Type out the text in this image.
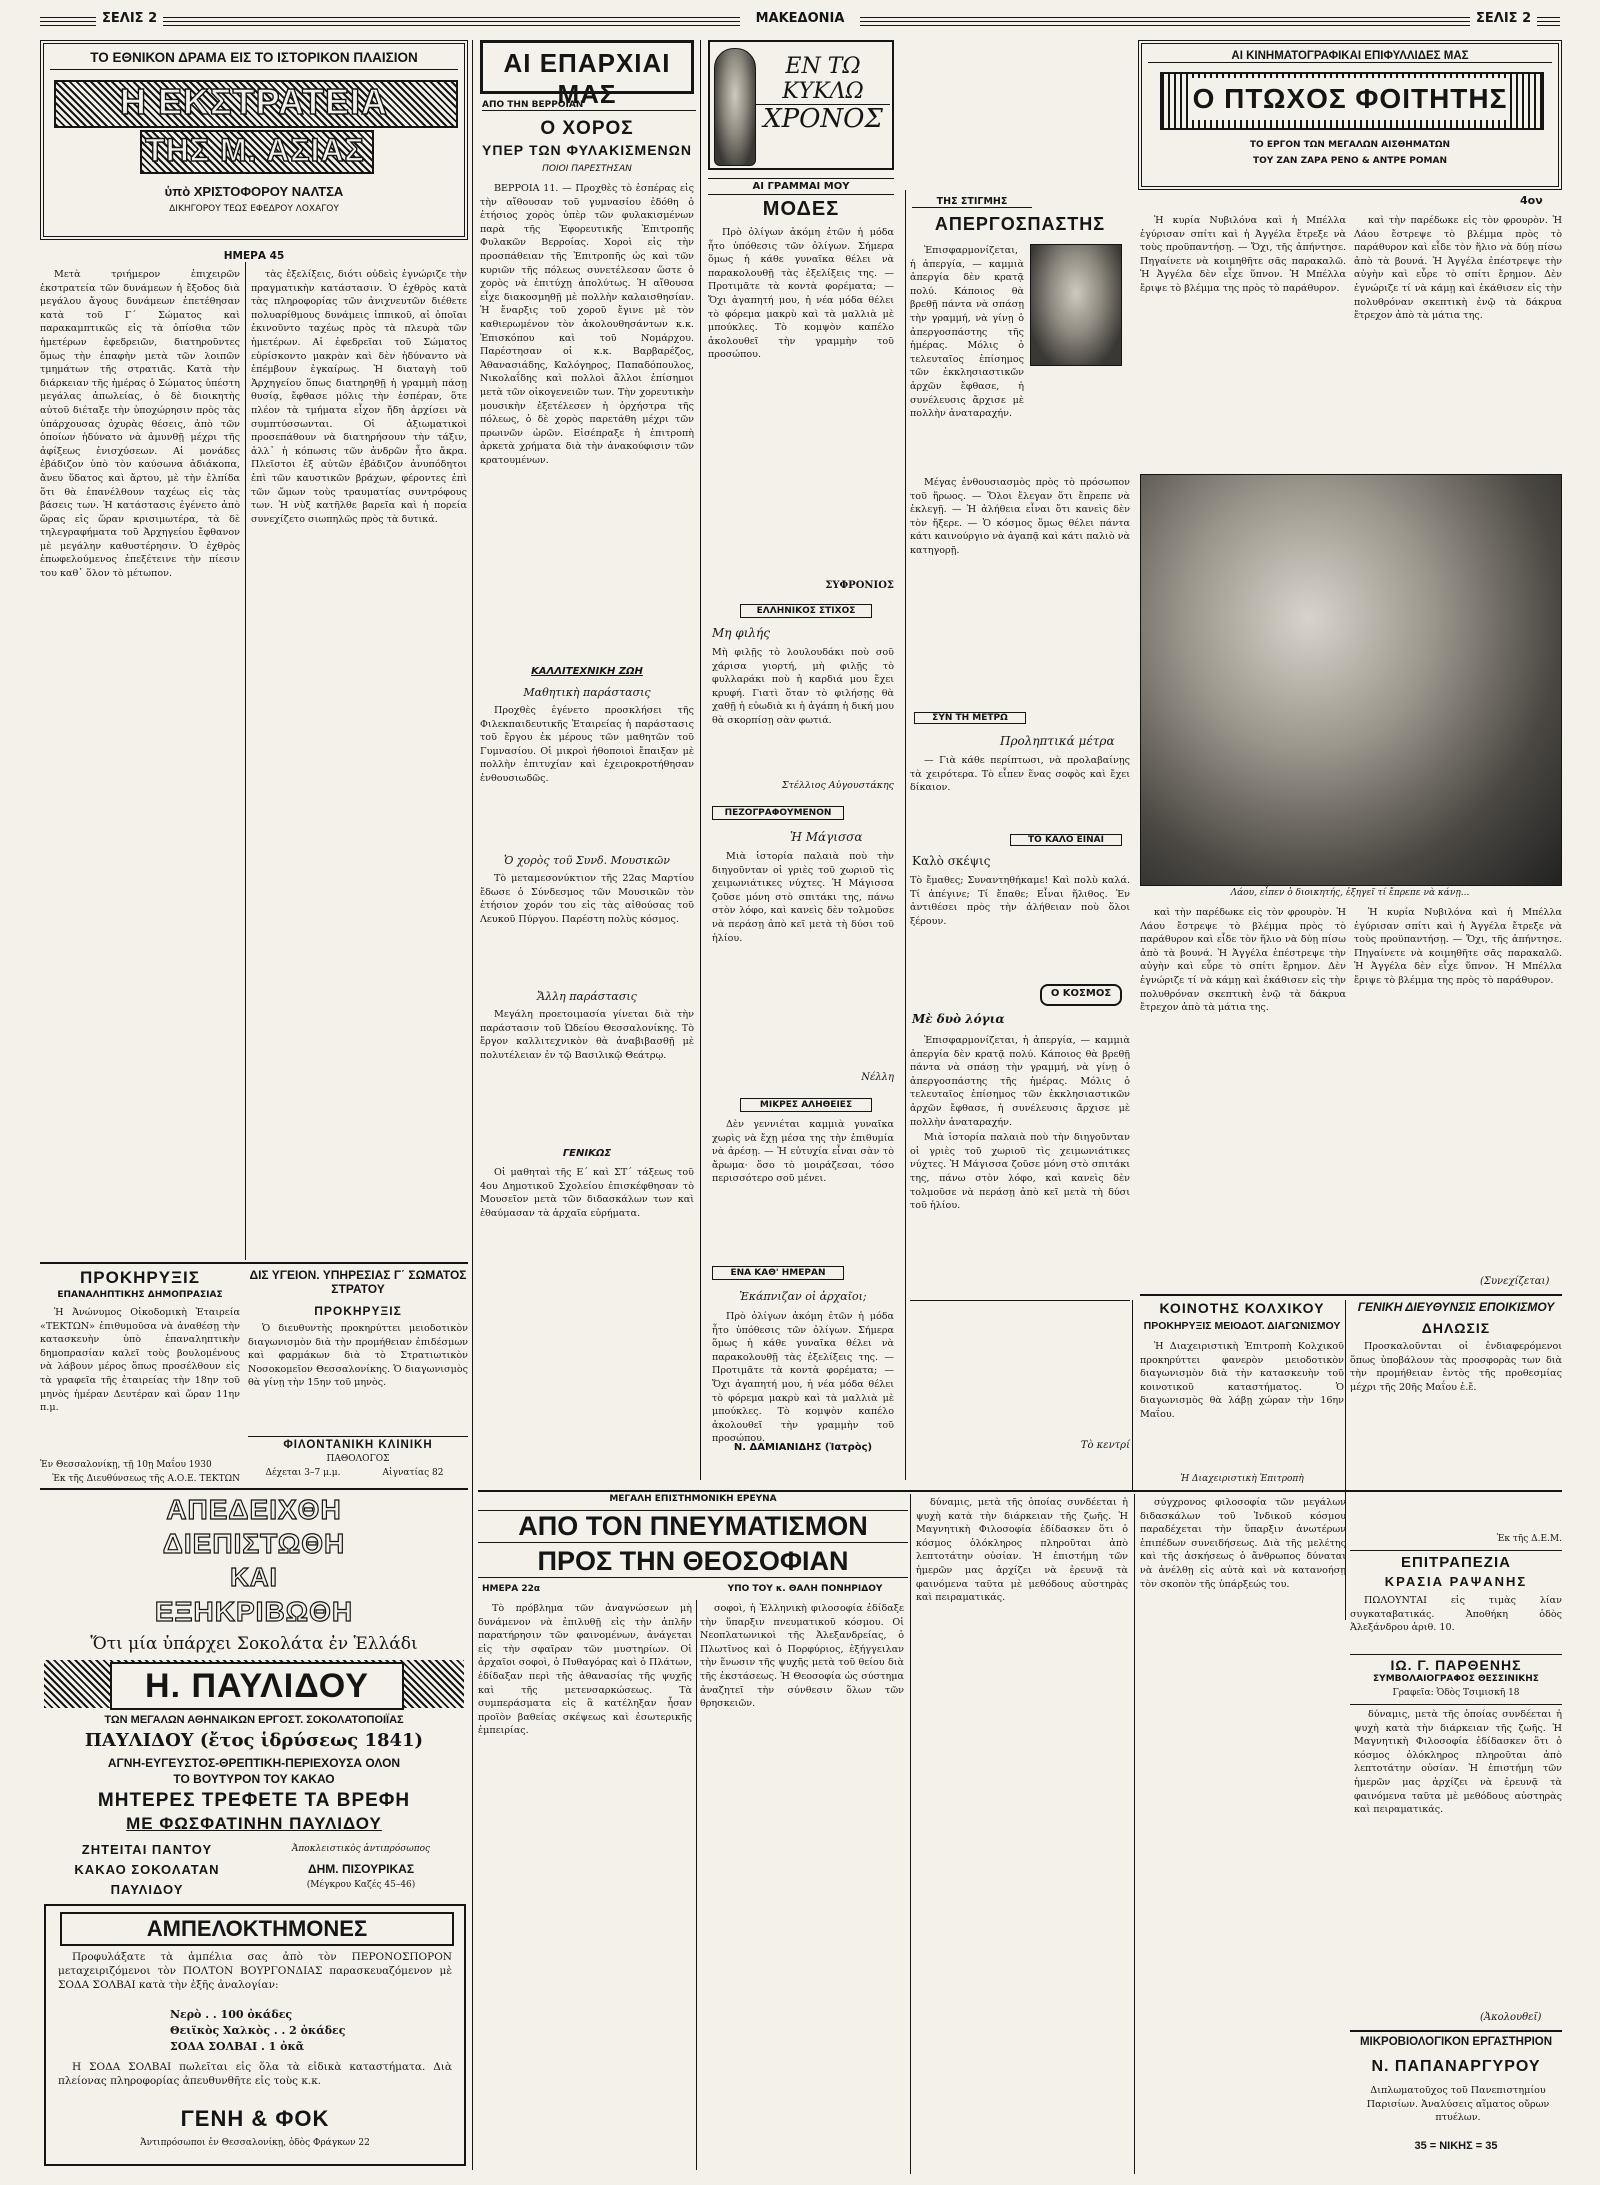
ΣΕΛΙΣ 2	ΜΑΚΕΔΟΝΙΑ	ΣΕΛΙΣ 2
ΤΟ ΕΘΝΙΚΟΝ ΔΡΑΜΑ ΕΙΣ ΤΟ ΙΣΤΟΡΙΚΟΝ ΠΛΑΙΣΙΟΝ
Η ΕΚΣΤΡΑΤΕΙΑ
ΤΗΣ Μ. ΑΣΙΑΣ
ὑπὸ ΧΡΙΣΤΟΦΟΡΟΥ ΝΑΛΤΣΑ
ΔΙΚΗΓΟΡΟΥ ΤΕΩΣ ΕΦΕΔΡΟΥ ΛΟΧΑΓΟΥ
ΗΜΕΡΑ 45

Μετὰ τριήμερον ἐπιχειρῶν ἐκστρατεία τῶν δυνάμεων ἡ ἔξοδος διὰ μεγάλου ἄγους δυνάμεων ἐπετέθησαν κατὰ τοῦ Γ΄ Σώματος καὶ παρακαμπτικῶς εἰς τὰ ὀπίσθια τῶν ἡμετέρων ἐφεδρειῶν, διατηροῦντες ὅμως τὴν ἐπαφὴν μετὰ τῶν λοιπῶν τμημάτων τῆς στρατιᾶς. Κατὰ τὴν διάρκειαν τῆς ἡμέρας ὁ Σώματος ὑπέστη μεγάλας ἀπωλείας, ὁ δὲ διοικητὴς αὐτοῦ διέταξε τὴν ὑποχώρησιν πρὸς τὰς ὑπάρχουσας ὀχυρὰς θέσεις, ἀπὸ τῶν ὁποίων ἠδύνατο νὰ ἀμυνθῇ μέχρι τῆς ἀφίξεως ἐνισχύσεων. Αἱ μονάδες ἐβάδιζον ὑπὸ τὸν καύσωνα ἀδιάκοπα, ἄνευ ὕδατος καὶ ἄρτου, μὲ τὴν ἐλπίδα ὅτι θὰ ἐπανέλθουν ταχέως εἰς τὰς βάσεις των. Ἡ κατάστασις ἐγένετο ἀπὸ ὥρας εἰς ὥραν κρισιμωτέρα, τὰ δὲ τηλεγραφήματα τοῦ Ἀρχηγείου ἔφθανον μὲ μεγάλην καθυστέρησιν. Ὁ ἐχθρὸς ἐπωφελούμενος ἐπεξέτεινε τὴν πίεσιν του καθ᾿ ὅλον τὸ μέτωπον.

τὰς ἐξελίξεις, διότι οὐδεὶς ἐγνώριζε τὴν πραγματικὴν κατάστασιν. Ὁ ἐχθρὸς κατὰ τὰς πληροφορίας τῶν ἀνιχνευτῶν διέθετε πολυαρίθμους δυνάμεις ἱππικοῦ, αἱ ὁποῖαι ἐκινοῦντο ταχέως πρὸς τὰ πλευρὰ τῶν ἡμετέρων. Αἱ ἐφεδρεῖαι τοῦ Σώματος εὑρίσκοντο μακρὰν καὶ δὲν ἠδύναντο νὰ ἐπέμβουν ἐγκαίρως. Ἡ διαταγὴ τοῦ Ἀρχηγείου ὅπως διατηρηθῇ ἡ γραμμὴ πάσῃ θυσίᾳ, ἔφθασε μόλις τὴν ἑσπέραν, ὅτε πλέον τὰ τμήματα εἶχον ἤδη ἀρχίσει νὰ συμπτύσσωνται. Οἱ ἀξιωματικοὶ προσεπάθουν νὰ διατηρήσουν τὴν τάξιν, ἀλλ᾿ ἡ κόπωσις τῶν ἀνδρῶν ἦτο ἄκρα. Πλεῖστοι ἐξ αὐτῶν ἐβάδιζον ἀνυπόδητοι ἐπὶ τῶν καυστικῶν βράχων, φέροντες ἐπὶ τῶν ὤμων τοὺς τραυματίας συντρόφους των. Ἡ νὺξ κατῆλθε βαρεῖα καὶ ἡ πορεία συνεχίζετο σιωπηλῶς πρὸς τὰ δυτικά.

ΑΙ ΕΠΑΡΧΙΑΙ ΜΑΣ
ΑΠΟ ΤΗΝ ΒΕΡΡΟΙΑΝ
Ο ΧΟΡΟΣ
ΥΠΕΡ ΤΩΝ ΦΥΛΑΚΙΣΜΕΝΩΝ
ΠΟΙΟΙ ΠΑΡΕΣΤΗΣΑΝ

ΒΕΡΡΟΙΑ 11. — Προχθὲς τὸ ἑσπέρας εἰς τὴν αἴθουσαν τοῦ γυμνασίου ἐδόθη ὁ ἐτήσιος χορὸς ὑπὲρ τῶν φυλακισμένων παρὰ τῆς Ἐφορευτικῆς Ἐπιτροπῆς Φυλακῶν Βερροίας. Χοροὶ εἰς τὴν προσπάθειαν τῆς Ἐπιτροπῆς ὡς καὶ τῶν κυριῶν τῆς πόλεως συνετέλεσαν ὥστε ὁ χορὸς νὰ ἐπιτύχῃ ἀπολύτως. Ἡ αἴθουσα εἶχε διακοσμηθῇ μὲ πολλὴν καλαισθησίαν. Ἡ ἔναρξις τοῦ χοροῦ ἔγινε μὲ τὸν καθιερωμένον τὸν ἀκολουθησάντων κ.κ. Ἐπισκόπου καὶ τοῦ Νομάρχου. Παρέστησαν οἱ κ.κ. Βαρβαρέζος, Ἀθανασιάδης, Καλόγηρος, Παπαδόπουλος, Νικολαΐδης καὶ πολλοὶ ἄλλοι ἐπίσημοι μετὰ τῶν οἰκογενειῶν των. Τὴν χορευτικὴν μουσικὴν ἐξετέλεσεν ἡ ὀρχήστρα τῆς πόλεως, ὁ δὲ χορὸς παρετάθη μέχρι τῶν πρωινῶν ὡρῶν. Εἰσέπραξε ἡ ἐπιτροπὴ ἀρκετὰ χρήματα διὰ τὴν ἀνακούφισιν τῶν κρατουμένων.

ΚΑΛΛΙΤΕΧΝΙΚΗ ΖΩΗ
Μαθητικὴ παράστασις

Προχθὲς ἐγένετο προσκλήσει τῆς Φιλεκπαιδευτικῆς Ἑταιρείας ἡ παράστασις τοῦ ἔργου ἐκ μέρους τῶν μαθητῶν τοῦ Γυμνασίου. Οἱ μικροὶ ἠθοποιοὶ ἔπαιξαν μὲ πολλὴν ἐπιτυχίαν καὶ ἐχειροκροτήθησαν ἐνθουσιωδῶς.

Ὁ χορὸς τοῦ Συνδ. Μουσικῶν

Τὸ μεταμεσονύκτιον τῆς 22ας Μαρτίου ἔδωσε ὁ Σύνδεσμος τῶν Μουσικῶν τὸν ἐτήσιον χορόν του εἰς τὰς αἰθούσας τοῦ Λευκοῦ Πύργου. Παρέστη πολὺς κόσμος.

Ἄλλη παράστασις

Μεγάλη προετοιμασία γίνεται διὰ τὴν παράστασιν τοῦ Ὠδείου Θεσσαλονίκης. Τὸ ἔργον καλλιτεχνικὸν θὰ ἀναβιβασθῇ μὲ πολυτέλειαν ἐν τῷ Βασιλικῷ Θεάτρῳ.

ΓΕΝΙΚΩΣ

Οἱ μαθηταὶ τῆς Ε΄ καὶ ΣΤ΄ τάξεως τοῦ 4ου Δημοτικοῦ Σχολείου ἐπισκέφθησαν τὸ Μουσεῖον μετὰ τῶν διδασκάλων των καὶ ἐθαύμασαν τὰ ἀρχαῖα εὑρήματα.

ΕΝ ΤΩ ΚΥΚΛΩ
ΧΡΟΝΟΣ
ΑΙ ΓΡΑΜΜΑΙ ΜΟΥ
ΜΟΔΕΣ

Πρὸ ὀλίγων ἀκόμη ἐτῶν ἡ μόδα ἦτο ὑπόθεσις τῶν ὀλίγων. Σήμερα ὅμως ἡ κάθε γυναῖκα θέλει νὰ παρακολουθῇ τὰς ἐξελίξεις της. — Προτιμᾶτε τὰ κοντὰ φορέματα; — Ὄχι ἀγαπητή μου, ἡ νέα μόδα θέλει τὸ φόρεμα μακρὺ καὶ τὰ μαλλιὰ μὲ μπούκλες. Τὸ κομψὸν καπέλο ἀκολουθεῖ τὴν γραμμὴν τοῦ προσώπου.

ΣΥΦΡΟΝΙΟΣ
ΕΛΛΗΝΙΚΟΣ ΣΤΙΧΟΣ
Μη φιλής

Μὴ φιλῇς τὸ λουλουδάκι ποὺ σοῦ χάρισα γιορτή, μὴ φιλῇς τὸ φυλλαράκι ποὺ ἡ καρδιά μου ἔχει κρυφή. Γιατὶ ὅταν τὸ φιλήσῃς θὰ χαθῇ ἡ εὐωδιὰ κι ἡ ἀγάπη ἡ δική μου θὰ σκορπίσῃ σὰν φωτιά.

Στέλλιος Αὐγουστάκης
ΠΕΖΟΓΡΑΦΟΥΜΕΝΟΝ
Ἡ Μάγισσα

Μιὰ ἱστορία παλαιὰ ποὺ τὴν διηγοῦνταν οἱ γριὲς τοῦ χωριοῦ τὶς χειμωνιάτικες νύχτες. Ἡ Μάγισσα ζοῦσε μόνη στὸ σπιτάκι της, πάνω στὸν λόφο, καὶ κανεὶς δὲν τολμοῦσε νὰ περάσῃ ἀπὸ κεῖ μετὰ τὴ δύσι τοῦ ἡλίου.

Νέλλη
ΜΙΚΡΕΣ ΑΛΗΘΕΙΕΣ

Δὲν γεννιέται καμμιὰ γυναῖκα χωρὶς νὰ ἔχῃ μέσα της τὴν ἐπιθυμία νὰ ἀρέσῃ. — Ἡ εὐτυχία εἶναι σὰν τὸ ἄρωμα· ὅσο τὸ μοιράζεσαι, τόσο περισσότερο σοῦ μένει.

ΕΝΑ ΚΑΘ' ΗΜΕΡΑΝ
Ἐκάπνιζαν οἱ ἀρχαῖοι;

Πρὸ ὀλίγων ἀκόμη ἐτῶν ἡ μόδα ἦτο ὑπόθεσις τῶν ὀλίγων. Σήμερα ὅμως ἡ κάθε γυναῖκα θέλει νὰ παρακολουθῇ τὰς ἐξελίξεις της. — Προτιμᾶτε τὰ κοντὰ φορέματα; — Ὄχι ἀγαπητή μου, ἡ νέα μόδα θέλει τὸ φόρεμα μακρὺ καὶ τὰ μαλλιὰ μὲ μπούκλες. Τὸ κομψὸν καπέλο ἀκολουθεῖ τὴν γραμμὴν τοῦ προσώπου.

Ν. ΔΑΜΙΑΝΙΔΗΣ (Ἰατρὸς)
ΤΗΣ ΣΤΙΓΜΗΣ
ΑΠΕΡΓΟΣΠΑΣΤΗΣ

Ἐπισφαρμονίζεται, ἡ ἀπεργία, — καμμιὰ ἀπεργία δὲν κρατᾷ πολύ. Κάποιος θὰ βρεθῇ πάντα νὰ σπάσῃ τὴν γραμμή, νὰ γίνῃ ὁ ἀπεργοσπάστης τῆς ἡμέρας. Μόλις ὁ τελευταῖος ἐπίσημος τῶν ἐκκλησιαστικῶν ἀρχῶν ἔφθασε, ἡ συνέλευσις ἄρχισε μὲ πολλὴν ἀναταραχήν.

Μέγας ἐνθουσιασμὸς πρὸς τὸ πρόσωπον τοῦ ἥρωος. — Ὅλοι ἔλεγαν ὅτι ἔπρεπε νὰ ἐκλεγῇ. — Ἡ ἀλήθεια εἶναι ὅτι κανεὶς δὲν τὸν ἤξερε. — Ὁ κόσμος ὅμως θέλει πάντα κάτι καινούργιο νὰ ἀγαπᾷ καὶ κάτι παλιὸ νὰ κατηγορῇ.

ΣΥΝ ΤΗ ΜΕΤΡΩ
Προληπτικά μέτρα

— Γιὰ κάθε περίπτωσι, νὰ προλαβαίνῃς τὰ χειρότερα. Τὸ εἶπεν ἕνας σοφὸς καὶ ἔχει δίκαιον.

ΤΟ ΚΑΛΟ ΕΙΝΑΙ
Καλὸ σκέψις

Τὸ ἔμαθες; Συναντηθήκαμε! Καὶ πολὺ καλά. Τί ἀπέγινε; Τί ἔπαθε; Εἶναι ἥλιθος. Ἐν ἀντιθέσει πρὸς τὴν ἀλήθειαν ποὺ ὅλοι ξέρουν.

Ο ΚΟΣΜΟΣ
Μὲ δυὸ λόγια

Ἐπισφαρμονίζεται, ἡ ἀπεργία, — καμμιὰ ἀπεργία δὲν κρατᾷ πολύ. Κάποιος θὰ βρεθῇ πάντα νὰ σπάσῃ τὴν γραμμή, νὰ γίνῃ ὁ ἀπεργοσπάστης τῆς ἡμέρας. Μόλις ὁ τελευταῖος ἐπίσημος τῶν ἐκκλησιαστικῶν ἀρχῶν ἔφθασε, ἡ συνέλευσις ἄρχισε μὲ πολλὴν ἀναταραχήν.

Μιὰ ἱστορία παλαιὰ ποὺ τὴν διηγοῦνταν οἱ γριὲς τοῦ χωριοῦ τὶς χειμωνιάτικες νύχτες. Ἡ Μάγισσα ζοῦσε μόνη στὸ σπιτάκι της, πάνω στὸν λόφο, καὶ κανεὶς δὲν τολμοῦσε νὰ περάσῃ ἀπὸ κεῖ μετὰ τὴ δύσι τοῦ ἡλίου.

Τὸ κεντρί
ΑΙ ΚΙΝΗΜΑΤΟΓΡΑΦΙΚΑΙ ΕΠΙΦΥΛΛΙΔΕΣ ΜΑΣ
Ο ΠΤΩΧΟΣ ΦΟΙΤΗΤΗΣ
ΤΟ ΕΡΓΟΝ ΤΩΝ ΜΕΓΑΛΩΝ ΑΙΣΘΗΜΑΤΩΝ
ΤΟΥ ΖΑΝ ΖΑΡΑ ΡΕΝΟ & ΑΝΤΡΕ ΡΟΜΑΝ
4ον

Ἡ κυρία Νυβιλόνα καὶ ἡ Μπέλλα ἐγύρισαν σπίτι καὶ ἡ Ἀγγέλα ἔτρεξε νὰ τοὺς προϋπαντήσῃ. — Ὄχι, τῆς ἀπήντησε. Πηγαίνετε νὰ κοιμηθῆτε σᾶς παρακαλῶ. Ἡ Ἀγγέλα δὲν εἶχε ὕπνον. Ἡ Μπέλλα ἔριψε τὸ βλέμμα της πρὸς τὸ παράθυρον.

καὶ τὴν παρέδωκε εἰς τὸν φρουρὸν. Ἡ Λάου ἔστρεψε τὸ βλέμμα πρὸς τὸ παράθυρον καὶ εἶδε τὸν ἥλιο νὰ δύῃ πίσω ἀπὸ τὰ βουνά. Ἡ Ἀγγέλα ἐπέστρεψε τὴν αὐγὴν καὶ εὗρε τὸ σπίτι ἔρημον. Δὲν ἐγνώριζε τί νὰ κάμῃ καὶ ἐκάθισεν εἰς τὴν πολυθρόναν σκεπτικὴ ἐνῷ τὰ δάκρυα ἔτρεχον ἀπὸ τὰ μάτια της.

Λάου, εἶπεν ὁ διοικητής, ἐξηγεῖ τί ἔπρεπε νὰ κάνῃ...

καὶ τὴν παρέδωκε εἰς τὸν φρουρὸν. Ἡ Λάου ἔστρεψε τὸ βλέμμα πρὸς τὸ παράθυρον καὶ εἶδε τὸν ἥλιο νὰ δύῃ πίσω ἀπὸ τὰ βουνά. Ἡ Ἀγγέλα ἐπέστρεψε τὴν αὐγὴν καὶ εὗρε τὸ σπίτι ἔρημον. Δὲν ἐγνώριζε τί νὰ κάμῃ καὶ ἐκάθισεν εἰς τὴν πολυθρόναν σκεπτικὴ ἐνῷ τὰ δάκρυα ἔτρεχον ἀπὸ τὰ μάτια της.

Ἡ κυρία Νυβιλόνα καὶ ἡ Μπέλλα ἐγύρισαν σπίτι καὶ ἡ Ἀγγέλα ἔτρεξε νὰ τοὺς προϋπαντήσῃ. — Ὄχι, τῆς ἀπήντησε. Πηγαίνετε νὰ κοιμηθῆτε σᾶς παρακαλῶ. Ἡ Ἀγγέλα δὲν εἶχε ὕπνον. Ἡ Μπέλλα ἔριψε τὸ βλέμμα της πρὸς τὸ παράθυρον.

(Συνεχίζεται)
ΠΡΟΚΗΡΥΞΙΣ
ΕΠΑΝΑΛΗΠΤΙΚΗΣ ΔΗΜΟΠΡΑΣΙΑΣ

Ἡ Ἀνώνυμος Οἰκοδομικὴ Ἑταιρεία «ΤΕΚΤΩΝ» ἐπιθυμοῦσα νὰ ἀναθέσῃ τὴν κατασκευὴν ὑπὸ ἐπαναληπτικὴν δημοπρασίαν καλεῖ τοὺς βουλομένους νὰ λάβουν μέρος ὅπως προσέλθουν εἰς τὰ γραφεῖα τῆς ἑταιρείας τὴν 18ην τοῦ μηνὸς ἡμέραν Δευτέραν καὶ ὥραν 11ην π.μ.

Ἐν Θεσσαλονίκῃ, τῇ 10ῃ Μαΐου 1930
Ἐκ τῆς Διευθύνσεως τῆς Α.Ο.Ε. ΤΕΚΤΩΝ
ΔΙΣ ΥΓΕΙΟΝ. ΥΠΗΡΕΣΙΑΣ Γ΄ ΣΩΜΑΤΟΣ ΣΤΡΑΤΟΥ
ΠΡΟΚΗΡΥΞΙΣ

Ὁ διευθυντὴς προκηρύττει μειοδοτικὸν διαγωνισμὸν διὰ τὴν προμήθειαν ἐπιδέσμων καὶ φαρμάκων διὰ τὸ Στρατιωτικὸν Νοσοκομεῖον Θεσσαλονίκης. Ὁ διαγωνισμὸς θὰ γίνῃ τὴν 15ην τοῦ μηνὸς.

ΦΙΛΟΝΤΑΝΙΚΗ ΚΛΙΝΙΚΗ
ΠΑΘΟΛΟΓΟΣ
Δέχεται 3–7 μ.μ.	Αἰγνατίας 82
ΑΠΕΔΕΙΧΘΗ
ΔΙΕΠΙΣΤΩΘΗ
ΚΑΙ
ΕΞΗΚΡΙΒΩΘΗ
Ὅτι μία ὑπάρχει Σοκολάτα ἐν Ἑλλάδι
Η. ΠΑΥΛΙΔΟΥ
ΤΩΝ ΜΕΓΑΛΩΝ ΑΘΗΝΑΙΚΩΝ ΕΡΓΟΣΤ. ΣΟΚΟΛΑΤΟΠΟΙΪΑΣ
ΠΑΥΛΙΔΟΥ (ἔτος ἱδρύσεως 1841)
ΑΓΝΗ-ΕΥΓΕΥΣΤΟΣ-ΘΡΕΠΤΙΚΗ-ΠΕΡΙΕΧΟΥΣΑ ΟΛΟΝ
ΤΟ ΒΟΥΤΥΡΟΝ ΤΟΥ ΚΑΚΑΟ
ΜΗΤΕΡΕΣ ΤΡΕΦΕΤΕ ΤΑ ΒΡΕΦΗ
ΜΕ ΦΩΣΦΑΤΙΝΗΝ ΠΑΥΛΙΔΟΥ
ΖΗΤΕΙΤΑΙ ΠΑΝΤΟΥ
ΚΑΚΑΟ ΣΟΚΟΛΑΤΑΝ
ΠΑΥΛΙΔΟΥ
Ἀποκλειστικὸς ἀντιπρόσωπος
ΔΗΜ. ΠΙΣΟΥΡΙΚΑΣ
(Μέγκρου Καζές 45–46)
ΑΜΠΕΛΟΚΤΗΜΟΝΕΣ

Προφυλάξατε τὰ ἀμπέλια σας ἀπὸ τὸν ΠΕΡΟΝΟΣΠΟΡΟΝ μεταχειριζόμενοι τὸν ΠΟΛΤΟΝ ΒΟΥΡΓΟΝΔΙΑΣ παρασκευαζόμενον μὲ ΣΟΔΑ ΣΟΛΒΑΙ κατὰ τὴν ἑξῆς ἀναλογίαν:

Νερὸ . . 100 ὀκάδες
Θειϊκὸς Χαλκὸς . . 2 ὀκάδες
ΣΟΔΑ ΣΟΛΒΑΙ . 1 ὀκᾶ

Η ΣΟΔΑ ΣΟΛΒΑΙ πωλεῖται εἰς ὅλα τὰ εἰδικὰ καταστήματα. Διὰ πλείονας πληροφορίας ἀπευθυνθῆτε εἰς τοὺς κ.κ.

ΓΕΝΗ & ΦΟΚ
Ἀντιπρόσωποι ἐν Θεσσαλονίκῃ, ὁδὸς Φράγκων 22
ΜΕΓΑΛΗ ΕΠΙΣΤΗΜΟΝΙΚΗ ΕΡΕΥΝΑ
ΑΠΟ ΤΟΝ ΠΝΕΥΜΑΤΙΣΜΟΝ
ΠΡΟΣ ΤΗΝ ΘΕΟΣΟΦΙΑΝ
ΗΜΕΡΑ 22α	ΥΠΟ ΤΟΥ κ. ΘΑΛΗ ΠΟΝΗΡΙΔΟΥ

Τὸ πρόβλημα τῶν ἀναγνώσεων μὴ δυνάμενον νὰ ἐπιλυθῇ εἰς τὴν ἁπλῆν παρατήρησιν τῶν φαινομένων, ἀνάγεται εἰς τὴν σφαῖραν τῶν μυστηρίων. Οἱ ἀρχαῖοι σοφοὶ, ὁ Πυθαγόρας καὶ ὁ Πλάτων, ἐδίδαξαν περὶ τῆς ἀθανασίας τῆς ψυχῆς καὶ τῆς μετενσαρκώσεως. Τὰ συμπεράσματα εἰς ἃ κατέληξαν ἦσαν προϊὸν βαθείας σκέψεως καὶ ἐσωτερικῆς ἐμπειρίας.

σοφοὶ, ἡ Ἑλληνικὴ φιλοσοφία ἐδίδαξε τὴν ὕπαρξιν πνευματικοῦ κόσμου. Οἱ Νεοπλατωνικοὶ τῆς Ἀλεξανδρείας, ὁ Πλωτῖνος καὶ ὁ Πορφύριος, ἐξήγγειλαν τὴν ἕνωσιν τῆς ψυχῆς μετὰ τοῦ θείου διὰ τῆς ἐκστάσεως. Ἡ Θεοσοφία ὡς σύστημα ἀναζητεῖ τὴν σύνθεσιν ὅλων τῶν θρησκειῶν.

δύναμις, μετὰ τῆς ὁποίας συνδέεται ἡ ψυχὴ κατὰ τὴν διάρκειαν τῆς ζωῆς. Ἡ Μαγνητικὴ Φιλοσοφία ἐδίδασκεν ὅτι ὁ κόσμος ὁλόκληρος πληροῦται ἀπὸ λεπτοτάτην οὐσίαν. Ἡ ἐπιστήμη τῶν ἡμερῶν μας ἀρχίζει νὰ ἐρευνᾷ τὰ φαινόμενα ταῦτα μὲ μεθόδους αὐστηρὰς καὶ πειραματικάς.

σύγχρονος φιλοσοφία τῶν μεγάλων διδασκάλων τοῦ Ἰνδικοῦ κόσμου παραδέχεται τὴν ὕπαρξιν ἀνωτέρων ἐπιπέδων συνειδήσεως. Διὰ τῆς μελέτης καὶ τῆς ἀσκήσεως ὁ ἄνθρωπος δύναται νὰ ἀνέλθῃ εἰς αὐτὰ καὶ νὰ κατανοήσῃ τὸν σκοπὸν τῆς ὑπάρξεώς του.

ΚΟΙΝΟΤΗΣ ΚΟΛΧΙΚΟΥ
ΠΡΟΚΗΡΥΞΙΣ ΜΕΙΟΔΟΤ. ΔΙΑΓΩΝΙΣΜΟΥ

Ἡ Διαχειριστικὴ Ἐπιτροπὴ Κολχικοῦ προκηρύττει φανερὸν μειοδοτικὸν διαγωνισμὸν διὰ τὴν κατασκευὴν τοῦ κοινοτικοῦ καταστήματος. Ὁ διαγωνισμὸς θὰ λάβῃ χώραν τὴν 16ην Μαΐου.

Ἡ Διαχειριστικὴ Ἐπιτροπὴ
ΓΕΝΙΚΗ ΔΙΕΥΘΥΝΣΙΣ ΕΠΟΙΚΙΣΜΟΥ
ΔΗΛΩΣΙΣ

Προσκαλοῦνται οἱ ἐνδιαφερόμενοι ὅπως ὑποβάλουν τὰς προσφορὰς των διὰ τὴν προμήθειαν ἐντὸς τῆς προθεσμίας μέχρι τῆς 20ῆς Μαΐου ἐ.ἔ.

Ἐκ τῆς Δ.Ε.Μ.
ΕΠΙΤΡΑΠΕΖΙΑ
ΚΡΑΣΙΑ ΡΑΨΑΝΗΣ

ΠΩΛΟΥΝΤΑΙ εἰς τιμὰς λίαν συγκαταβατικάς. Ἀποθήκη ὁδὸς Ἀλεξάνδρου ἀριθ. 10.

ΙΩ. Γ. ΠΑΡΘΕΝΗΣ
ΣΥΜΒΟΛΑΙΟΓΡΑΦΟΣ ΘΕΣΣΙΝΙΚΗΣ
Γραφεῖα: Ὁδὸς Τσιμισκῆ 18

δύναμις, μετὰ τῆς ὁποίας συνδέεται ἡ ψυχὴ κατὰ τὴν διάρκειαν τῆς ζωῆς. Ἡ Μαγνητικὴ Φιλοσοφία ἐδίδασκεν ὅτι ὁ κόσμος ὁλόκληρος πληροῦται ἀπὸ λεπτοτάτην οὐσίαν. Ἡ ἐπιστήμη τῶν ἡμερῶν μας ἀρχίζει νὰ ἐρευνᾷ τὰ φαινόμενα ταῦτα μὲ μεθόδους αὐστηρὰς καὶ πειραματικάς.

(Ἀκολουθεῖ)
ΜΙΚΡΟΒΙΟΛΟΓΙΚΟΝ ΕΡΓΑΣΤΗΡΙΟΝ
Ν. ΠΑΠΑΝΑΡΓΥΡΟΥ

Διπλωματοῦχος τοῦ Πανεπιστημίου Παρισίων. Ἀναλύσεις αἵματος οὔρων πτυέλων.

35 = ΝΙΚΗΣ = 35
